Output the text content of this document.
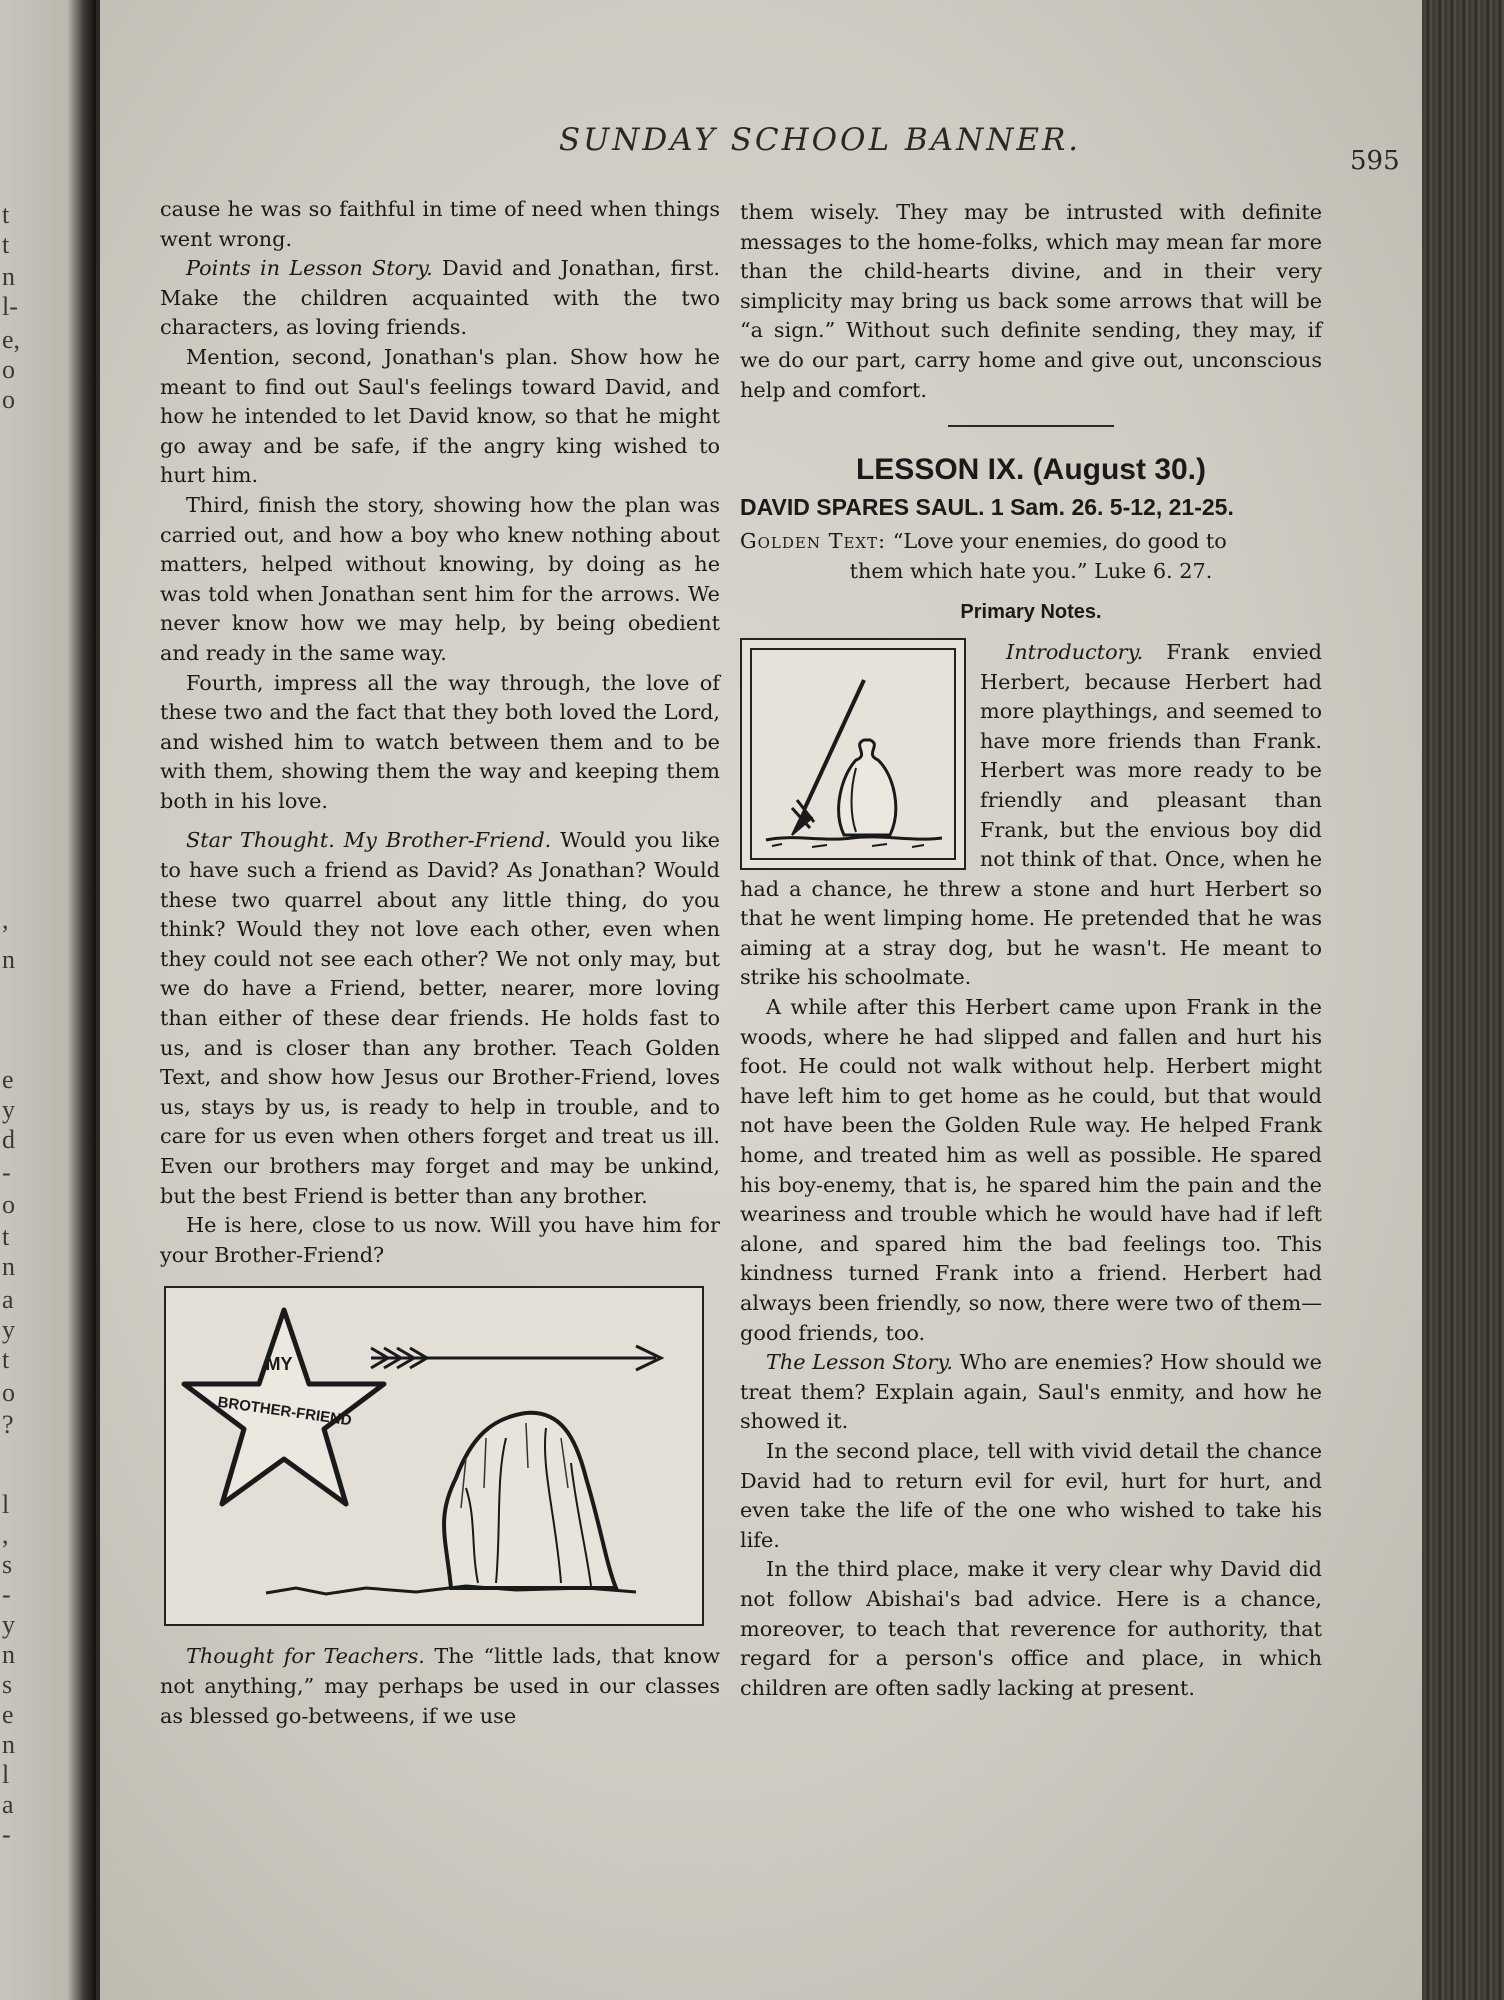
t
t
n
l-
e,
o
o
,
n
e
y
d
-
o
t
n
a
y
t
o
?
l
,
s
-
y
n
s
e
n
l
a
-
SUNDAY SCHOOL BANNER.
595

cause he was so faithful in time of need when things went wrong.

Points in Lesson Story. David and Jonathan, first. Make the children acquainted with the two characters, as loving friends.

Mention, second, Jonathan's plan. Show how he meant to find out Saul's feelings toward David, and how he intended to let David know, so that he might go away and be safe, if the angry king wished to hurt him.

Third, finish the story, showing how the plan was carried out, and how a boy who knew nothing about matters, helped without knowing, by doing as he was told when Jonathan sent him for the arrows. We never know how we may help, by being obedient and ready in the same way.

Fourth, impress all the way through, the love of these two and the fact that they both loved the Lord, and wished him to watch between them and to be with them, showing them the way and keeping them both in his love.

Star Thought. My Brother-Friend. Would you like to have such a friend as David? As Jonathan? Would these two quarrel about any little thing, do you think? Would they not love each other, even when they could not see each other? We not only may, but we do have a Friend, better, nearer, more loving than either of these dear friends. He holds fast to us, and is closer than any brother. Teach Golden Text, and show how Jesus our Brother-Friend, loves us, stays by us, is ready to help in trouble, and to care for us even when others forget and treat us ill. Even our brothers may forget and may be unkind, but the best Friend is better than any brother.

He is here, close to us now. Will you have him for your Brother-Friend?

MY
BROTHER-FRIEND

Thought for Teachers. The “little lads, that know not anything,” may perhaps be used in our classes as blessed go-betweens, if we use

them wisely. They may be intrusted with definite messages to the home-folks, which may mean far more than the child-hearts divine, and in their very simplicity may bring us back some arrows that will be “a sign.” Without such definite sending, they may, if we do our part, carry home and give out, unconscious help and comfort.

LESSON IX. (August 30.)

DAVID SPARES SAUL. 1 Sam. 26. 5-12, 21-25.

Golden Text: “Love your enemies, do good to
them which hate you.” Luke 6. 27.

Primary Notes.

Introductory. Frank envied Herbert, because Herbert had more playthings, and seemed to have more friends than Frank. Herbert was more ready to be friendly and pleasant than Frank, but the envious boy did not think of that. Once, when he had a chance, he threw a stone and hurt Herbert so that he went limping home. He pretended that he was aiming at a stray dog, but he wasn't. He meant to strike his schoolmate.

A while after this Herbert came upon Frank in the woods, where he had slipped and fallen and hurt his foot. He could not walk without help. Herbert might have left him to get home as he could, but that would not have been the Golden Rule way. He helped Frank home, and treated him as well as possible. He spared his boy-enemy, that is, he spared him the pain and the weariness and trouble which he would have had if left alone, and spared him the bad feelings too. This kindness turned Frank into a friend. Herbert had always been friendly, so now, there were two of them—good friends, too.

The Lesson Story. Who are enemies? How should we treat them? Explain again, Saul's enmity, and how he showed it.

In the second place, tell with vivid detail the chance David had to return evil for evil, hurt for hurt, and even take the life of the one who wished to take his life.

In the third place, make it very clear why David did not follow Abishai's bad advice. Here is a chance, moreover, to teach that reverence for authority, that regard for a person's office and place, in which children are often sadly lacking at present.
